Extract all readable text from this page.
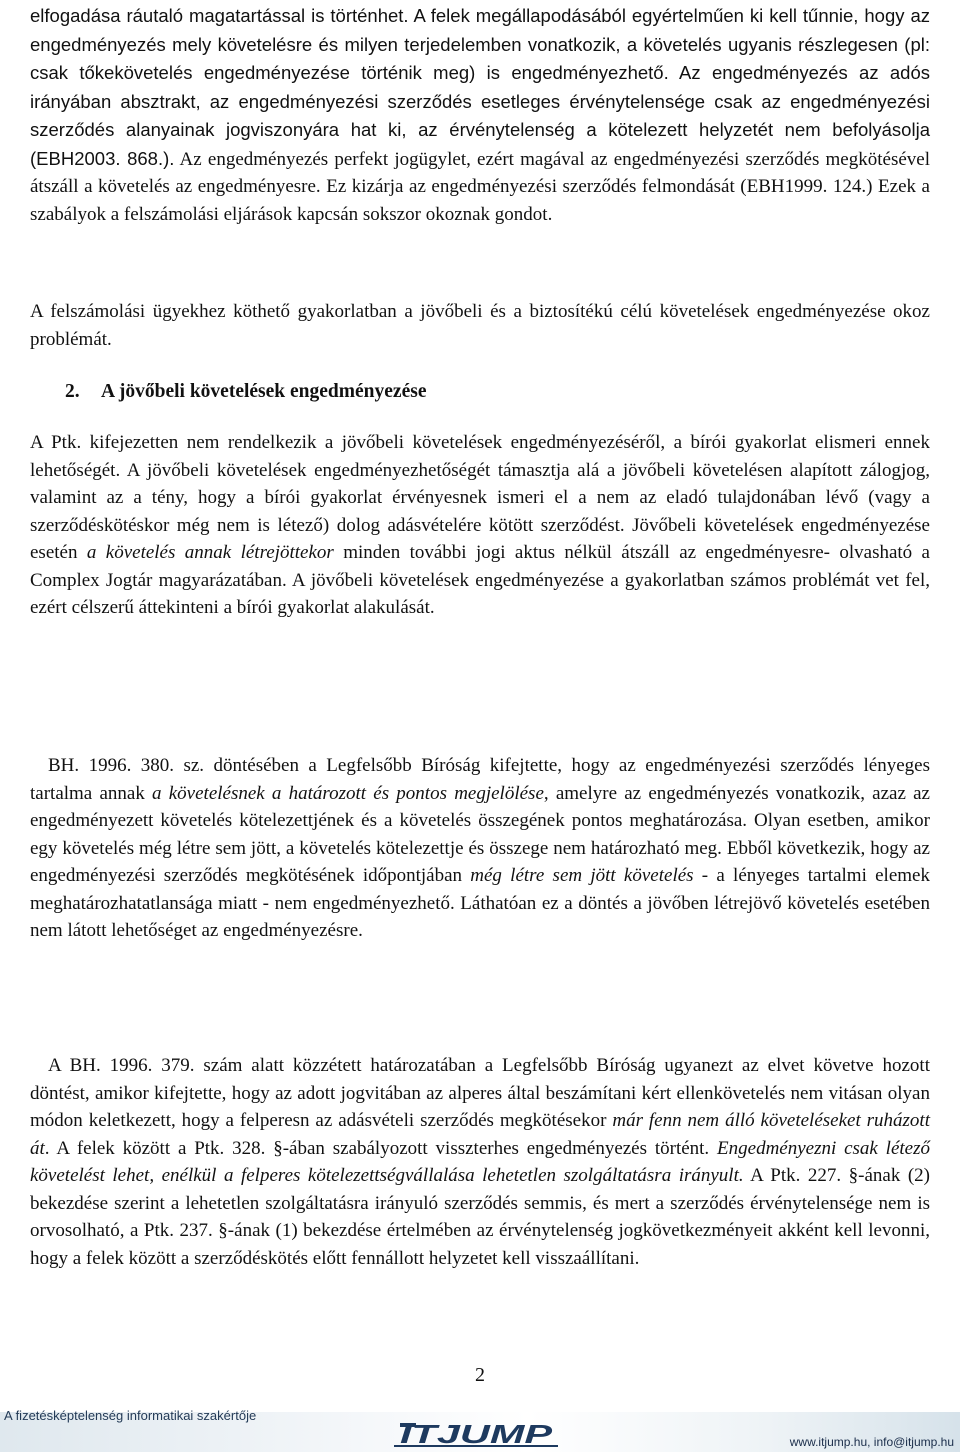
elfogadása ráutaló magatartással is történhet. A felek megállapodásából egyértelműen ki kell tűnnie, hogy az engedményezés mely követelésre és milyen terjedelemben vonatkozik, a követelés ugyanis részlegesen (pl: csak tőkekövetelés engedményezése történik meg) is engedményezhető. Az engedményezés az adós irányában absztrakt, az engedményezési szerződés esetleges érvénytelensége csak az engedményezési szerződés alanyainak jogviszonyára hat ki, az érvénytelenség a kötelezett helyzetét nem befolyásolja (EBH2003. 868.). Az engedményezés perfekt jogügylet, ezért magával az engedményezési szerződés megkötésével átszáll a követelés az engedményesre. Ez kizárja az engedményezési szerződés felmondását (EBH1999. 124.) Ezek a szabályok a felszámolási eljárások kapcsán sokszor okoznak gondot.

A felszámolási ügyekhez köthető gyakorlatban a jövőbeli és a biztosítékú célú követelések engedményezése okoz problémát.

2. A jövőbeli követelések engedményezése

A Ptk. kifejezetten nem rendelkezik a jövőbeli követelések engedményezéséről, a bírói gyakorlat elismeri ennek lehetőségét. A jövőbeli követelések engedményezhetőségét támasztja alá a jövőbeli követelésen alapított zálogjog, valamint az a tény, hogy a bírói gyakorlat érvényesnek ismeri el a nem az eladó tulajdonában lévő (vagy a szerződéskötéskor még nem is létező) dolog adásvételére kötött szerződést. Jövőbeli követelések engedményezése esetén a követelés annak létrejöttekor minden további jogi aktus nélkül átszáll az engedményesre- olvasható a Complex Jogtár magyarázatában. A jövőbeli követelések engedményezése a gyakorlatban számos problémát vet fel, ezért célszerű áttekinteni a bírói gyakorlat alakulását.

BH. 1996. 380. sz. döntésében a Legfelsőbb Bíróság kifejtette, hogy az engedményezési szerződés lényeges tartalma annak a követelésnek a határozott és pontos megjelölése, amelyre az engedményezés vonatkozik, azaz az engedményezett követelés kötelezettjének és a követelés összegének pontos meghatározása. Olyan esetben, amikor egy követelés még létre sem jött, a követelés kötelezettje és összege nem határozható meg. Ebből következik, hogy az engedményezési szerződés megkötésének időpontjában még létre sem jött követelés - a lényeges tartalmi elemek meghatározhatatlansága miatt - nem engedményezhető. Láthatóan ez a döntés a jövőben létrejövő követelés esetében nem látott lehetőséget az engedményezésre.

A BH. 1996. 379. szám alatt közzétett határozatában a Legfelsőbb Bíróság ugyanezt az elvet követve hozott döntést, amikor kifejtette, hogy az adott jogvitában az alperes által beszámítani kért ellenkövetelés nem vitásan olyan módon keletkezett, hogy a felperesn az adásvételi szerződés megkötésekor már fenn nem álló követeléseket ruházott át. A felek között a Ptk. 328. §-ában szabályozott visszterhes engedményezés történt. Engedményezni csak létező követelést lehet, enélkül a felperes kötelezettségvállalása lehetetlen szolgáltatásra irányult. A Ptk. 227. §-ának (2) bekezdése szerint a lehetetlen szolgáltatásra irányuló szerződés semmis, és mert a szerződés érvénytelensége nem is orvosolható, a Ptk. 237. §-ának (1) bekezdése értelmében az érvénytelenség jogkövetkezményeit akként kell levonni, hogy a felek között a szerződéskötés előtt fennállott helyzetet kell visszaállítani.

2
A fizetésképtelenség informatikai szakértője
ITJUMP	www.itjump.hu, info@itjump.hu
